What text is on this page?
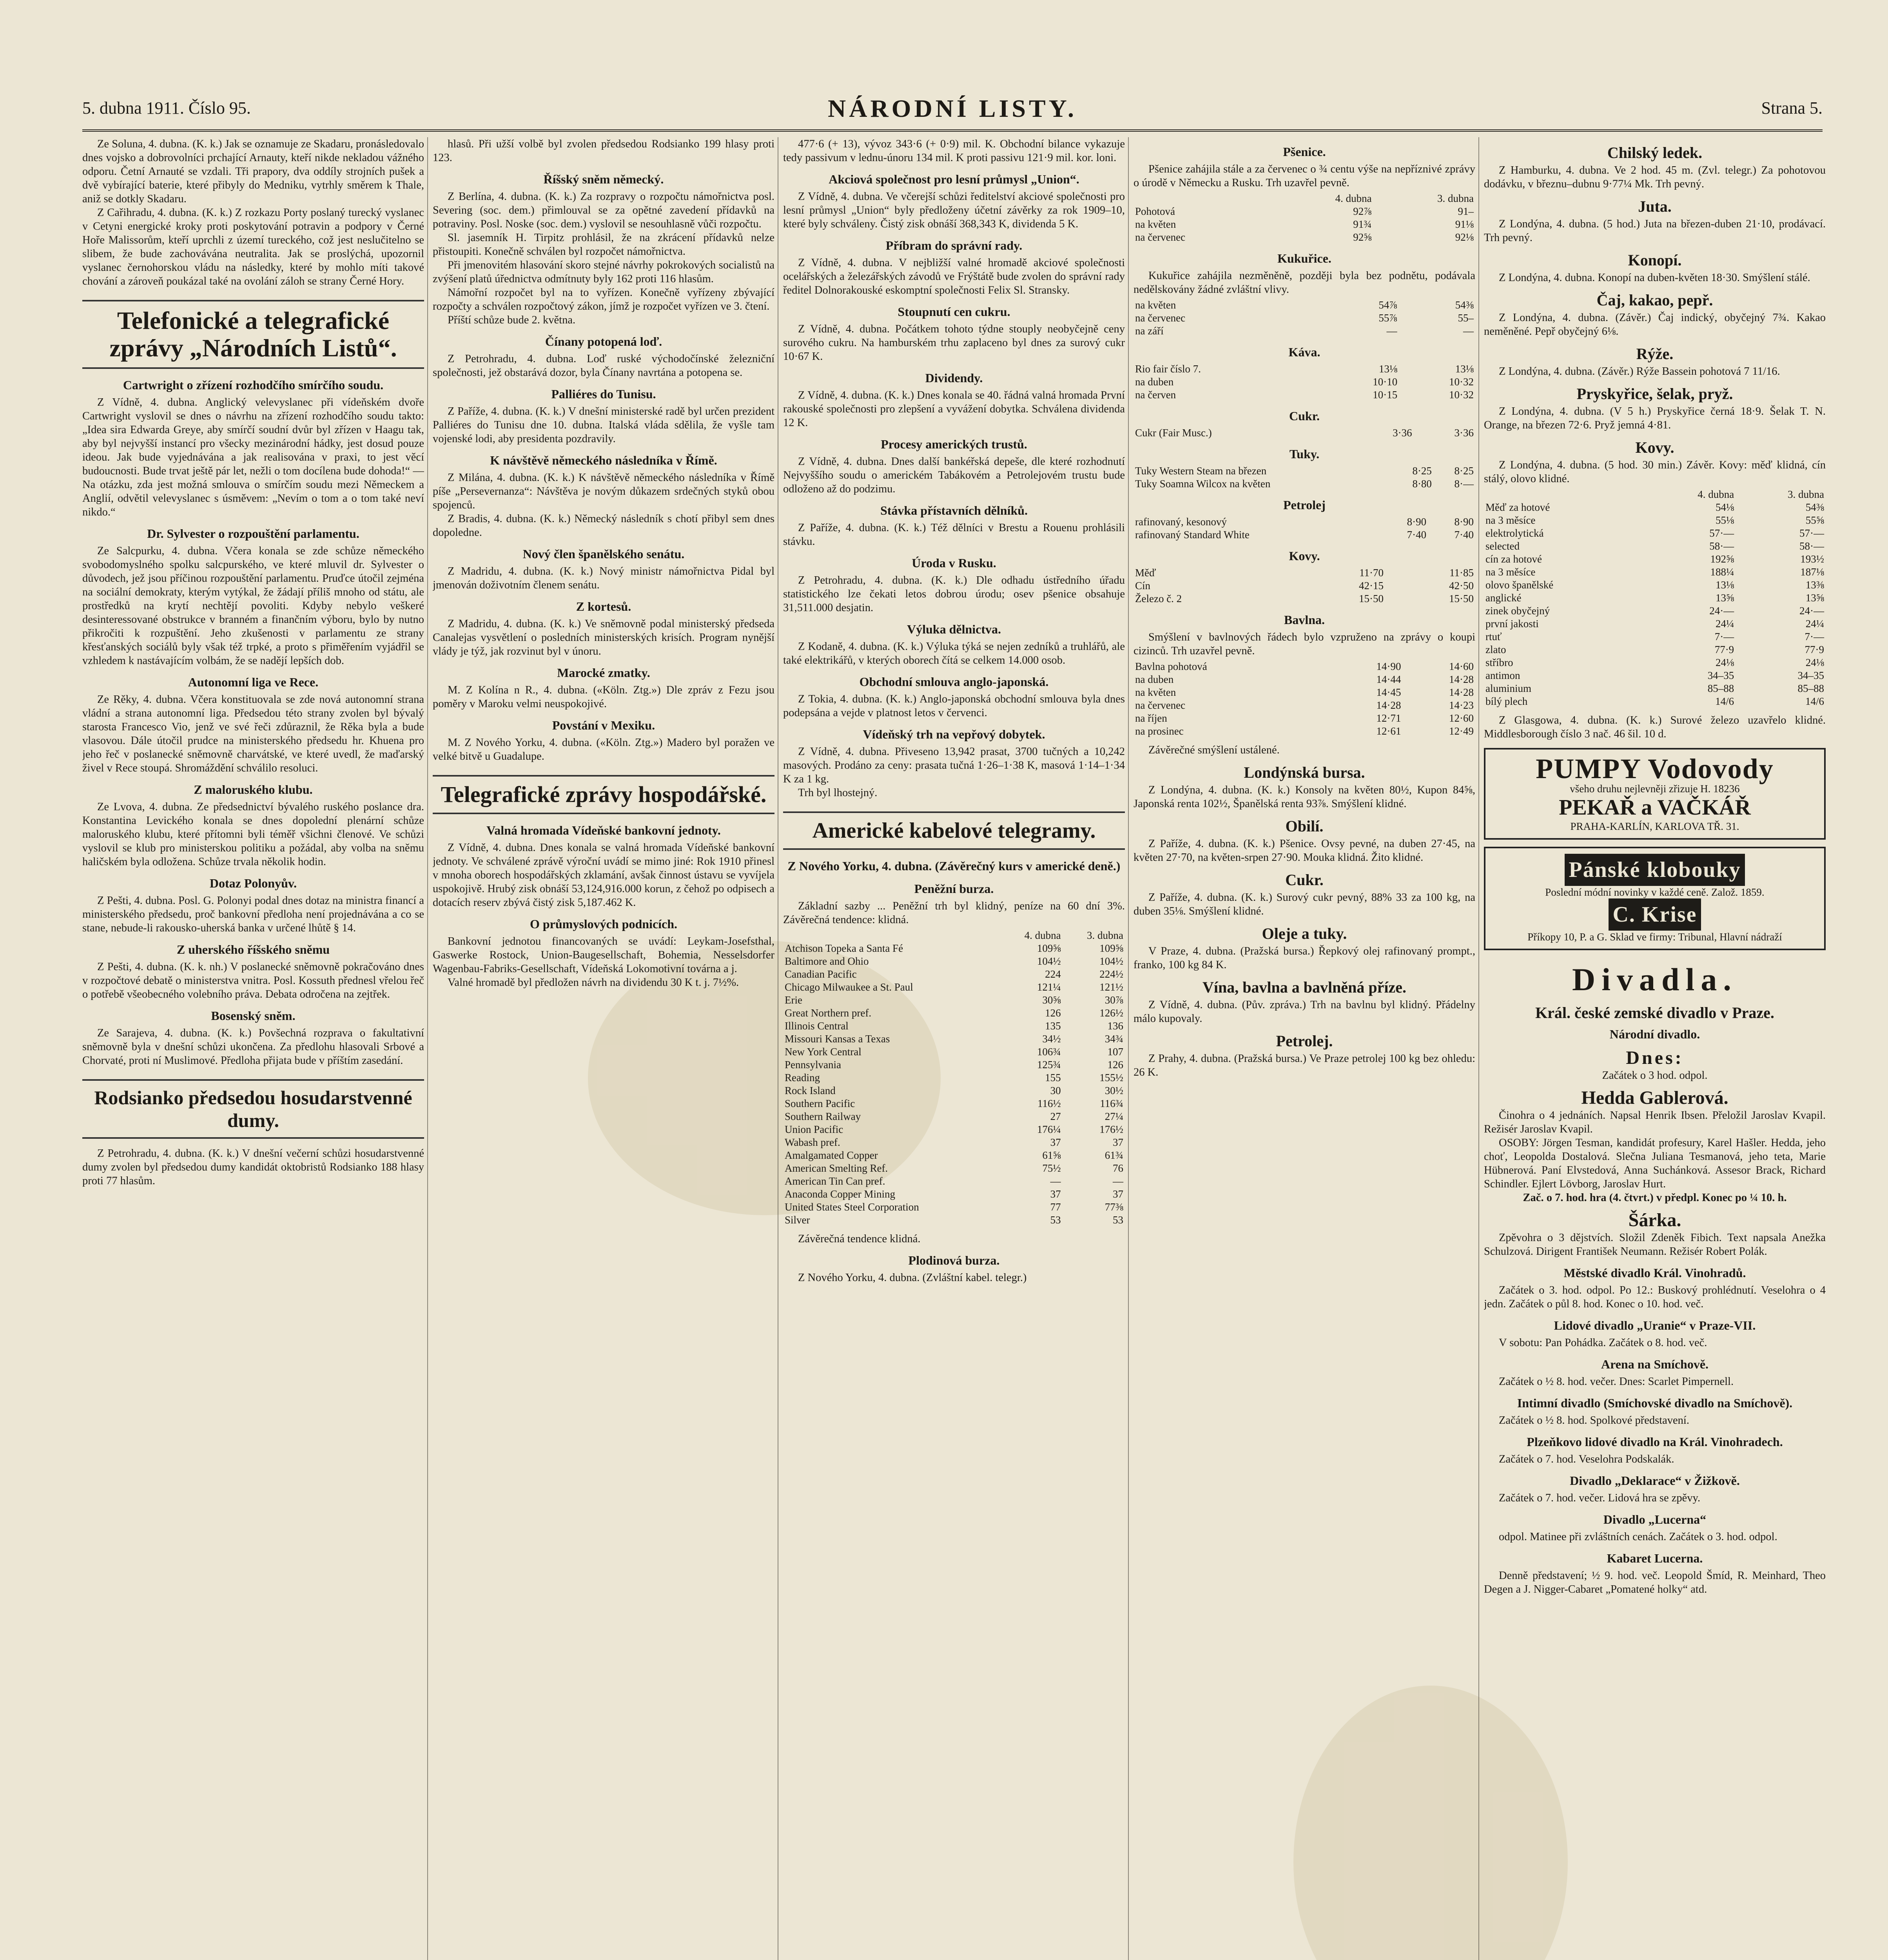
5. dubna 1911. Číslo 95.	NÁRODNÍ LISTY.	Strana 5.

Ze Soluna, 4. dubna. (K. k.) Jak se oznamuje ze Skadaru, pronásledovalo dnes vojsko a dobrovolníci prchající Arnauty, kteří nikde nekladou vážného odporu. Četní Arnauté se vzdali. Tři prapory, dva oddíly strojních pušek a dvě vybírající baterie, které přibyly do Medniku, vytrhly směrem k Thale, aniž se dotkly Skadaru.

Z Cařihradu, 4. dubna. (K. k.) Z rozkazu Porty poslaný turecký vyslanec v Cetyni energické kroky proti poskytování potravin a podpory v Černé Hoře Malissorům, kteří uprchli z území tureckého, což jest neslučitelno se slibem, že bude zachovávána neutralita. Jak se proslýchá, upozornil vyslanec černohorskou vládu na následky, které by mohlo míti takové chování a zároveň poukázal také na ovolání záloh se strany Černé Hory.

Telefonické a telegrafické zprávy „Národních Listů“.
Cartwright o zřízení rozhodčího smírčího soudu.

Z Vídně, 4. dubna. Anglický velevyslanec při vídeňském dvoře Cartwright vyslovil se dnes o návrhu na zřízení rozhodčího soudu takto: „Idea sira Edwarda Greye, aby smírčí soudní dvůr byl zřízen v Haagu tak, aby byl nejvyšší instancí pro všecky mezinárodní hádky, jest dosud pouze ideou. Jak bude vyjednávána a jak realisována v praxi, to jest věcí budoucnosti. Bude trvat ještě pár let, nežli o tom docílena bude dohoda!“ — Na otázku, zda jest možná smlouva o smírčím soudu mezi Německem a Anglií, odvětil velevyslanec s úsměvem: „Nevím o tom a o tom také neví nikdo.“

Dr. Sylvester o rozpouštění parlamentu.

Ze Salcpurku, 4. dubna. Včera konala se zde schůze německého svobodomyslného spolku salcpurského, ve které mluvil dr. Sylvester o důvodech, jež jsou příčinou rozpouštění parlamentu. Pruďce útočil zejména na sociální demokraty, kterým vytýkal, že žádají příliš mnoho od státu, ale prostředků na krytí nechtějí povoliti. Kdyby nebylo veškeré desinteressované obstrukce v branném a finančním výboru, bylo by nutno přikročiti k rozpuštění. Jeho zkušenosti v parlamentu ze strany křesťanských sociálů byly však též trpké, a proto s přiměřením vyjádřil se vzhledem k nastávajícím volbám, že se nadějí lepších dob.

Autonomní liga ve Rece.

Ze Rěky, 4. dubna. Včera konstituovala se zde nová autonomní strana vládní a strana autonomní liga. Předsedou této strany zvolen byl bývalý starosta Francesco Vio, jenž ve své řeči zdůraznil, že Rěka byla a bude vlasovou. Dále útočil prudce na ministerského předsedu hr. Khuena pro jeho řeč v poslanecké sněmovně charvátské, ve které uvedl, že maďarský živel v Rece stoupá. Shromáždění schválilo resoluci.

Z maloruského klubu.

Ze Lvova, 4. dubna. Ze předsednictví bývalého ruského poslance dra. Konstantina Levického konala se dnes dopolední plenární schůze maloruského klubu, které přítomni byli téměř všichni členové. Ve schůzi vyslovil se klub pro ministerskou politiku a požádal, aby volba na sněmu haličském byla odložena. Schůze trvala několik hodin.

Dotaz Polonyův.

Z Pešti, 4. dubna. Posl. G. Polonyi podal dnes dotaz na ministra financí a ministerského předsedu, proč bankovní předloha není projednávána a co se stane, nebude-li rakousko-uherská banka v určené lhůtě § 14.

Z uherského říšského sněmu

Z Pešti, 4. dubna. (K. k. nh.) V poslanecké sněmovně pokračováno dnes v rozpočtové debatě o ministerstva vnitra. Posl. Kossuth přednesl vřelou řeč o potřebě všeobecného volebního práva. Debata odročena na zejtřek.

Bosenský sněm.

Ze Sarajeva, 4. dubna. (K. k.) Povšechná rozprava o fakultativní sněmovně byla v dnešní schůzi ukončena. Za předlohu hlasovali Srbové a Chorvaté, proti ní Muslimové. Předloha přijata bude v příštím zasedání.

Rodsianko předsedou hosudarstvenné dumy.

Z Petrohradu, 4. dubna. (K. k.) V dnešní večerní schůzi hosudarstvenné dumy zvolen byl předsedou dumy kandidát oktobristů Rodsianko 188 hlasy proti 77 hlasům.

hlasů. Při užší volbě byl zvolen předsedou Rodsianko 199 hlasy proti 123.

Říšský sněm německý.

Z Berlína, 4. dubna. (K. k.) Za rozpravy o rozpočtu námořnictva posl. Severing (soc. dem.) přimlouval se za opětné zavedení přídavků na potraviny. Posl. Noske (soc. dem.) vyslovil se nesouhlasně vůči rozpočtu.

Sl. jasemník H. Tirpitz prohlásil, že na zkrácení přídavků nelze přistoupiti. Konečně schválen byl rozpočet námořnictva.

Při jmenovitém hlasování skoro stejné návrhy pokrokových socialistů na zvýšení platů úřednictva odmítnuty byly 162 proti 116 hlasům.

Námořní rozpočet byl na to vyřízen. Konečně vyřízeny zbývající rozpočty a schválen rozpočtový zákon, jímž je rozpočet vyřízen ve 3. čtení.

Příští schůze bude 2. května.

Čínany potopená loď.

Z Petrohradu, 4. dubna. Loď ruské východočínské železniční společnosti, jež obstarává dozor, byla Čínany navrtána a potopena se.

Palliéres do Tunisu.

Z Paříže, 4. dubna. (K. k.) V dnešní ministerské radě byl určen prezident Palliéres do Tunisu dne 10. dubna. Italská vláda sdělila, že vyšle tam vojenské lodi, aby presidenta pozdravily.

K návštěvě německého následníka v Římě.

Z Milána, 4. dubna. (K. k.) K návštěvě německého následníka v Římě píše „Persevernanza“: Návštěva je novým důkazem srdečných styků obou spojenců.

Z Bradis, 4. dubna. (K. k.) Německý následník s chotí přibyl sem dnes dopoledne.

Nový člen španělského senátu.

Z Madridu, 4. dubna. (K. k.) Nový ministr námořnictva Pidal byl jmenován doživotním členem senátu.

Z kortesů.

Z Madridu, 4. dubna. (K. k.) Ve sněmovně podal ministerský předseda Canalejas vysvětlení o posledních ministerských krisích. Program nynější vlády je týž, jak rozvinut byl v únoru.

Marocké zmatky.

M. Z Kolína n R., 4. dubna. («Köln. Ztg.») Dle zpráv z Fezu jsou poměry v Maroku velmi neuspokojivé.

Povstání v Mexiku.

M. Z Nového Yorku, 4. dubna. («Köln. Ztg.») Madero byl poražen ve velké bitvě u Guadalupe.

Telegrafické zprávy hospodářské.
Valná hromada Vídeňské bankovní jednoty.

Z Vídně, 4. dubna. Dnes konala se valná hromada Vídeňské bankovní jednoty. Ve schválené zprávě výroční uvádí se mimo jiné: Rok 1910 přinesl v mnoha oborech hospodářských zklamání, avšak činnost ústavu se vyvíjela uspokojivě. Hrubý zisk obnáší 53,124,916.000 korun, z čehož po odpisech a dotacích reserv zbývá čistý zisk 5,187.462 K.

O průmyslových podnicích.

Bankovní jednotou financovaných se uvádí: Leykam-Josefsthal, Gaswerke Rostock, Union-Baugesellschaft, Bohemia, Nesselsdorfer Wagenbau-Fabriks-Gesellschaft, Vídeňská Lokomotivní továrna a j.

Valné hromadě byl předložen návrh na dividendu 30 K t. j. 7½%.

477·6 (+ 13), vývoz 343·6 (+ 0·9) mil. K. Obchodní bilance vykazuje tedy passivum v lednu-únoru 134 mil. K proti passivu 121·9 mil. kor. loni.

Akciová společnost pro lesní průmysl „Union“.

Z Vídně, 4. dubna. Ve včerejší schůzi ředitelství akciové společnosti pro lesní průmysl „Union“ byly předloženy účetní závěrky za rok 1909–10, které byly schváleny. Čistý zisk obnáší 368,343 K, dividenda 5 K.

Příbram do správní rady.

Z Vídně, 4. dubna. V nejbližší valné hromadě akciové společnosti ocelářských a železářských závodů ve Frýštátě bude zvolen do správní rady ředitel Dolnorakouské eskomptní společnosti Felix Sl. Stransky.

Stoupnutí cen cukru.

Z Vídně, 4. dubna. Počátkem tohoto týdne stouply neobyčejně ceny surového cukru. Na hamburském trhu zaplaceno byl dnes za surový cukr 10·67 K.

Dividendy.

Z Vídně, 4. dubna. (K. k.) Dnes konala se 40. řádná valná hromada První rakouské společnosti pro zlepšení a vyvážení dobytka. Schválena dividenda 12 K.

Procesy amerických trustů.

Z Vídně, 4. dubna. Dnes další bankéřská depeše, dle které rozhodnutí Nejvyššího soudu o americkém Tabákovém a Petrolejovém trustu bude odloženo až do podzimu.

Stávka přístavních dělníků.

Z Paříže, 4. dubna. (K. k.) Též dělníci v Brestu a Rouenu prohlásili stávku.

Úroda v Rusku.

Z Petrohradu, 4. dubna. (K. k.) Dle odhadu ústředního úřadu statistického lze čekati letos dobrou úrodu; osev pšenice obsahuje 31,511.000 desjatin.

Výluka dělnictva.

Z Kodaně, 4. dubna. (K. k.) Výluka týká se nejen zedníků a truhlářů, ale také elektrikářů, v kterých oborech čítá se celkem 14.000 osob.

Obchodní smlouva anglo-japonská.

Z Tokia, 4. dubna. (K. k.) Anglo-japonská obchodní smlouva byla dnes podepsána a vejde v platnost letos v červenci.

Vídeňský trh na vepřový dobytek.

Z Vídně, 4. dubna. Přiveseno 13,942 prasat, 3700 tučných a 10,242 masových. Prodáno za ceny: prasata tučná 1·26–1·38 K, masová 1·14–1·34 K za 1 kg.

Trh byl lhostejný.

Americké kabelové telegramy.
Z Nového Yorku, 4. dubna. (Závěrečný kurs v americké deně.)
Peněžní burza.

Základní sazby ... Peněžní trh byl klidný, peníze na 60 dní 3%. Závěrečná tendence: klidná.

	4. dubna	3. dubna
Atchison Topeka a Santa Fé	109⅝	109⅝
Baltimore and Ohio	104½	104½
Canadian Pacific	224	224½
Chicago Milwaukee a St. Paul	121¼	121½
Erie	30⅝	30⅞
Great Northern pref.	126	126½
Illinois Central	135	136
Missouri Kansas a Texas	34½	34¾
New York Central	106¾	107
Pennsylvania	125¾	126
Reading	155	155½
Rock Island	30	30½
Southern Pacific	116½	116¾
Southern Railway	27	27¼
Union Pacific	176¼	176½
Wabash pref.	37	37
Amalgamated Copper	61⅝	61¾
American Smelting Ref.	75½	76
American Tin Can pref.	—	—
Anaconda Copper Mining	37	37
United States Steel Corporation	77	77⅜
Silver	53	53

Závěrečná tendence klidná.

Plodinová burza.

Z Nového Yorku, 4. dubna. (Zvláštní kabel. telegr.)

Pšenice.

Pšenice zahájila stále a za červenec o ¾ centu výše na nepříznivé zprávy o úrodě v Německu a Rusku. Trh uzavřel pevně.

	4. dubna	3. dubna
Pohotová	92⅞	91–
na květen	91¾	91⅛
na červenec	92⅝	92⅛
Kukuřice.

Kukuřice zahájila nezměněně, později byla bez podnětu, podávala nedělskovány žádné zvláštní vlivy.

na květen	54⅞	54⅜
na červenec	55⅞	55–
na září	—	—
Káva.
Rio fair číslo 7.	13⅛	13⅛
na duben	10·10	10·32
na červen	10·15	10·32
Cukr.
Cukr (Fair Musc.)	3·36	3·36
Tuky.
Tuky Western Steam na březen	8·25	8·25
Tuky Soamna Wilcox na květen	8·80	8·—
Petrolej
rafinovaný, kesonový	8·90	8·90
rafinovaný Standard White	7·40	7·40
Kovy.
Měď	11·70	11·85
Cín	42·15	42·50
Železo č. 2	15·50	15·50
Bavlna.

Smýšlení v bavlnových řádech bylo vzpruženo na zprávy o koupi cizinců. Trh uzavřel pevně.

Bavlna pohotová	14·90	14·60
na duben	14·44	14·28
na květen	14·45	14·28
na červenec	14·28	14·23
na říjen	12·71	12·60
na prosinec	12·61	12·49

Závěrečné smýšlení ustálené.

Londýnská bursa.

Z Londýna, 4. dubna. (K. k.) Konsoly na květen 80½, Kupon 84⅝, Japonská renta 102½, Španělská renta 93⅞. Smýšlení klidné.

Obilí.

Z Paříže, 4. dubna. (K. k.) Pšenice. Ovsy pevné, na duben 27·45, na květen 27·70, na květen-srpen 27·90. Mouka klidná. Žito klidné.

Cukr.

Z Paříže, 4. dubna. (K. k.) Surový cukr pevný, 88% 33 za 100 kg, na duben 35⅛. Smýšlení klidné.

Oleje a tuky.

V Praze, 4. dubna. (Pražská bursa.) Řepkový olej rafinovaný prompt., franko, 100 kg 84 K.

Vína, bavlna a bavlněná příze.

Z Vídně, 4. dubna. (Pův. zpráva.) Trh na bavlnu byl klidný. Přádelny málo kupovaly.

Petrolej.

Z Prahy, 4. dubna. (Pražská bursa.) Ve Praze petrolej 100 kg bez ohledu: 26 K.

Chilský ledek.

Z Hamburku, 4. dubna. Ve 2 hod. 45 m. (Zvl. telegr.) Za pohotovou dodávku, v březnu–dubnu 9·77¼ Mk. Trh pevný.

Juta.

Z Londýna, 4. dubna. (5 hod.) Juta na březen-duben 21·10, prodávací. Trh pevný.

Konopí.

Z Londýna, 4. dubna. Konopí na duben-květen 18·30. Smýšlení stálé.

Čaj, kakao, pepř.

Z Londýna, 4. dubna. (Závěr.) Čaj indický, obyčejný 7¾. Kakao neměněné. Pepř obyčejný 6⅛.

Rýže.

Z Londýna, 4. dubna. (Závěr.) Rýže Bassein pohotová 7 11/16.

Pryskyřice, šelak, pryž.

Z Londýna, 4. dubna. (V 5 h.) Pryskyřice černá 18·9. Šelak T. N. Orange, na březen 72·6. Pryž jemná 4·81.

Kovy.

Z Londýna, 4. dubna. (5 hod. 30 min.) Závěr. Kovy: měď klidná, cín stálý, olovo klidné.

	4. dubna	3. dubna
Měď za hotové	54⅛	54⅜
na 3 měsíce	55⅛	55⅝
elektrolytická	57·—	57·—
selected	58·—	58·—
cín za hotové	192⅝	193½
na 3 měsíce	188¼	187⅛
olovo španělské	13⅛	13⅜
anglické	13⅝	13⅝
zinek obyčejný	24·—	24·—
první jakosti	24¼	24¼
rtuť	7·—	7·—
zlato	77·9	77·9
stříbro	24⅛	24⅛
antimon	34–35	34–35
aluminium	85–88	85–88
bílý plech	14/6	14/6

Z Glasgowa, 4. dubna. (K. k.) Surové železo uzavřelo klidné. Middlesborough číslo 3 nač. 46 šil. 10 d.

PUMPY Vodovody
všeho druhu nejlevněji zřizuje H. 18236
PEKAŘ a VAČKÁŘ
PRAHA-KARLÍN, KARLOVA TŘ. 31.
Pánské klobouky
Poslední módní novinky v každé ceně. Založ. 1859.
C. Krise
Příkopy 10, P. a G. Sklad ve firmy: Tribunal, Hlavní nádraží
Divadla.
Král. české zemské divadlo v Praze.
Národní divadlo.
Dnes:

Začátek o 3 hod. odpol.

Hedda Gablerová.

Činohra o 4 jednáních. Napsal Henrik Ibsen. Přeložil Jaroslav Kvapil. Režisér Jaroslav Kvapil.

OSOBY: Jörgen Tesman, kandidát profesury, Karel Hašler. Hedda, jeho choť, Leopolda Dostalová. Slečna Juliana Tesmanová, jeho teta, Marie Hübnerová. Paní Elvstedová, Anna Suchánková. Assesor Brack, Richard Schindler. Ejlert Lövborg, Jaroslav Hurt.

Zač. o 7. hod. hra (4. čtvrt.) v předpl. Konec po ¼ 10. h.

Šárka.

Zpěvohra o 3 dějstvích. Složil Zdeněk Fibich. Text napsala Anežka Schulzová. Dirigent František Neumann. Režisér Robert Polák.

Městské divadlo Král. Vinohradů.

Začátek o 3. hod. odpol. Po 12.: Buskový prohlédnutí. Veselohra o 4 jedn. Začátek o půl 8. hod. Konec o 10. hod. več.

Lidové divadlo „Uranie“ v Praze-VII.

V sobotu: Pan Pohádka. Začátek o 8. hod. več.

Arena na Smíchově.

Začátek o ½ 8. hod. večer. Dnes: Scarlet Pimpernell.

Intimní divadlo (Smíchovské divadlo na Smíchově).

Začátek o ½ 8. hod. Spolkové představení.

Plzeňkovo lidové divadlo na Král. Vinohradech.

Začátek o 7. hod. Veselohra Podskalák.

Divadlo „Deklarace“ v Žižkově.

Začátek o 7. hod. večer. Lidová hra se zpěvy.

Divadlo „Lucerna“

odpol. Matinee při zvláštních cenách. Začátek o 3. hod. odpol.

Kabaret Lucerna.

Denně představení; ½ 9. hod. več. Leopold Šmíd, R. Meinhard, Theo Degen a J. Nigger-Cabaret „Pomatené holky“ atd.
